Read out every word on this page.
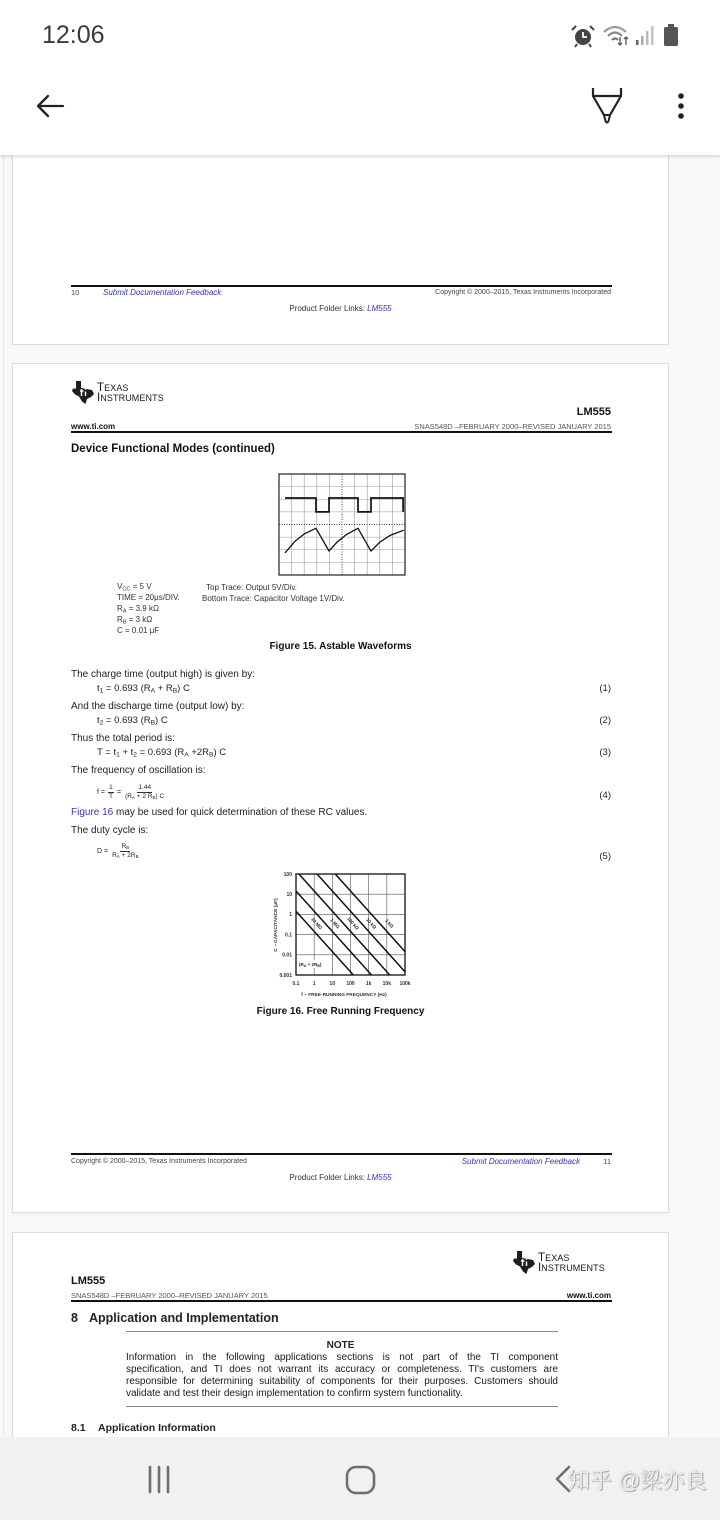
12:06
10	Submit Documentation Feedback	Copyright © 2000–2015, Texas Instruments Incorporated
Product Folder Links: LM555
TEXAS
INSTRUMENTS
LM555
www.ti.com	SNAS548D –FEBRUARY 2000–REVISED JANUARY 2015
Device Functional Modes (continued)
$V_{CC} = 5$ V
TIME = 20μs/DIV.
$R_A = 3.9$ kΩ
$R_B = 3$ kΩ
C = 0.01 μF
Top Trace: Output 5V/Div.
Bottom Trace: Capacitor Voltage 1V/Div.
Figure 15. Astable Waveforms
The charge time (output high) is given by:
$t_1 = 0.693$ $(R_A + R_B)$ C	(1)
And the discharge time (output low) by:
$t_2 = 0.693$ $(R_B)$ C	(2)
Thus the total period is:
$T = t_1 + t_2 = 0.693$ $(R_A +2R_B)$ C	(3)
The frequency of oscillation is:
$f = \frac{1}{T} = \frac{1.44}{(R_A + 2 R_B) C}$	(4)
Figure 16 may be used for quick determination of these RC values.
The duty cycle is:
$D = \frac{R_B}{R_A + 2R_B}$	(5)
0.1	1	10 100 1k 10k 100k
100
10
1
0.1
0.01
0.001
10 MΩ 1 MΩ 100 kΩ 10 kΩ 1 kΩ
$(R_A + 2R_B)$
C – CAPACITANCE (μF)
f – FREE-RUNNING FREQUENCY (Hz)
Figure 16. Free Running Frequency
Copyright © 2000–2015, Texas Instruments Incorporated	Submit Documentation Feedback	11
Product Folder Links: LM555
TEXAS
INSTRUMENTS
LM555
SNAS548D –FEBRUARY 2000–REVISED JANUARY 2015	www.ti.com
8 Application and Implementation
NOTE
Information in the following applications sections is not part of the TI component
specification, and TI does not warrant its accuracy or completeness. TI's customers are
responsible for determining suitability of components for their purposes. Customers should
validate and test their design implementation to confirm system functionality.
8.1 Application Information
知乎 @梁亦良
